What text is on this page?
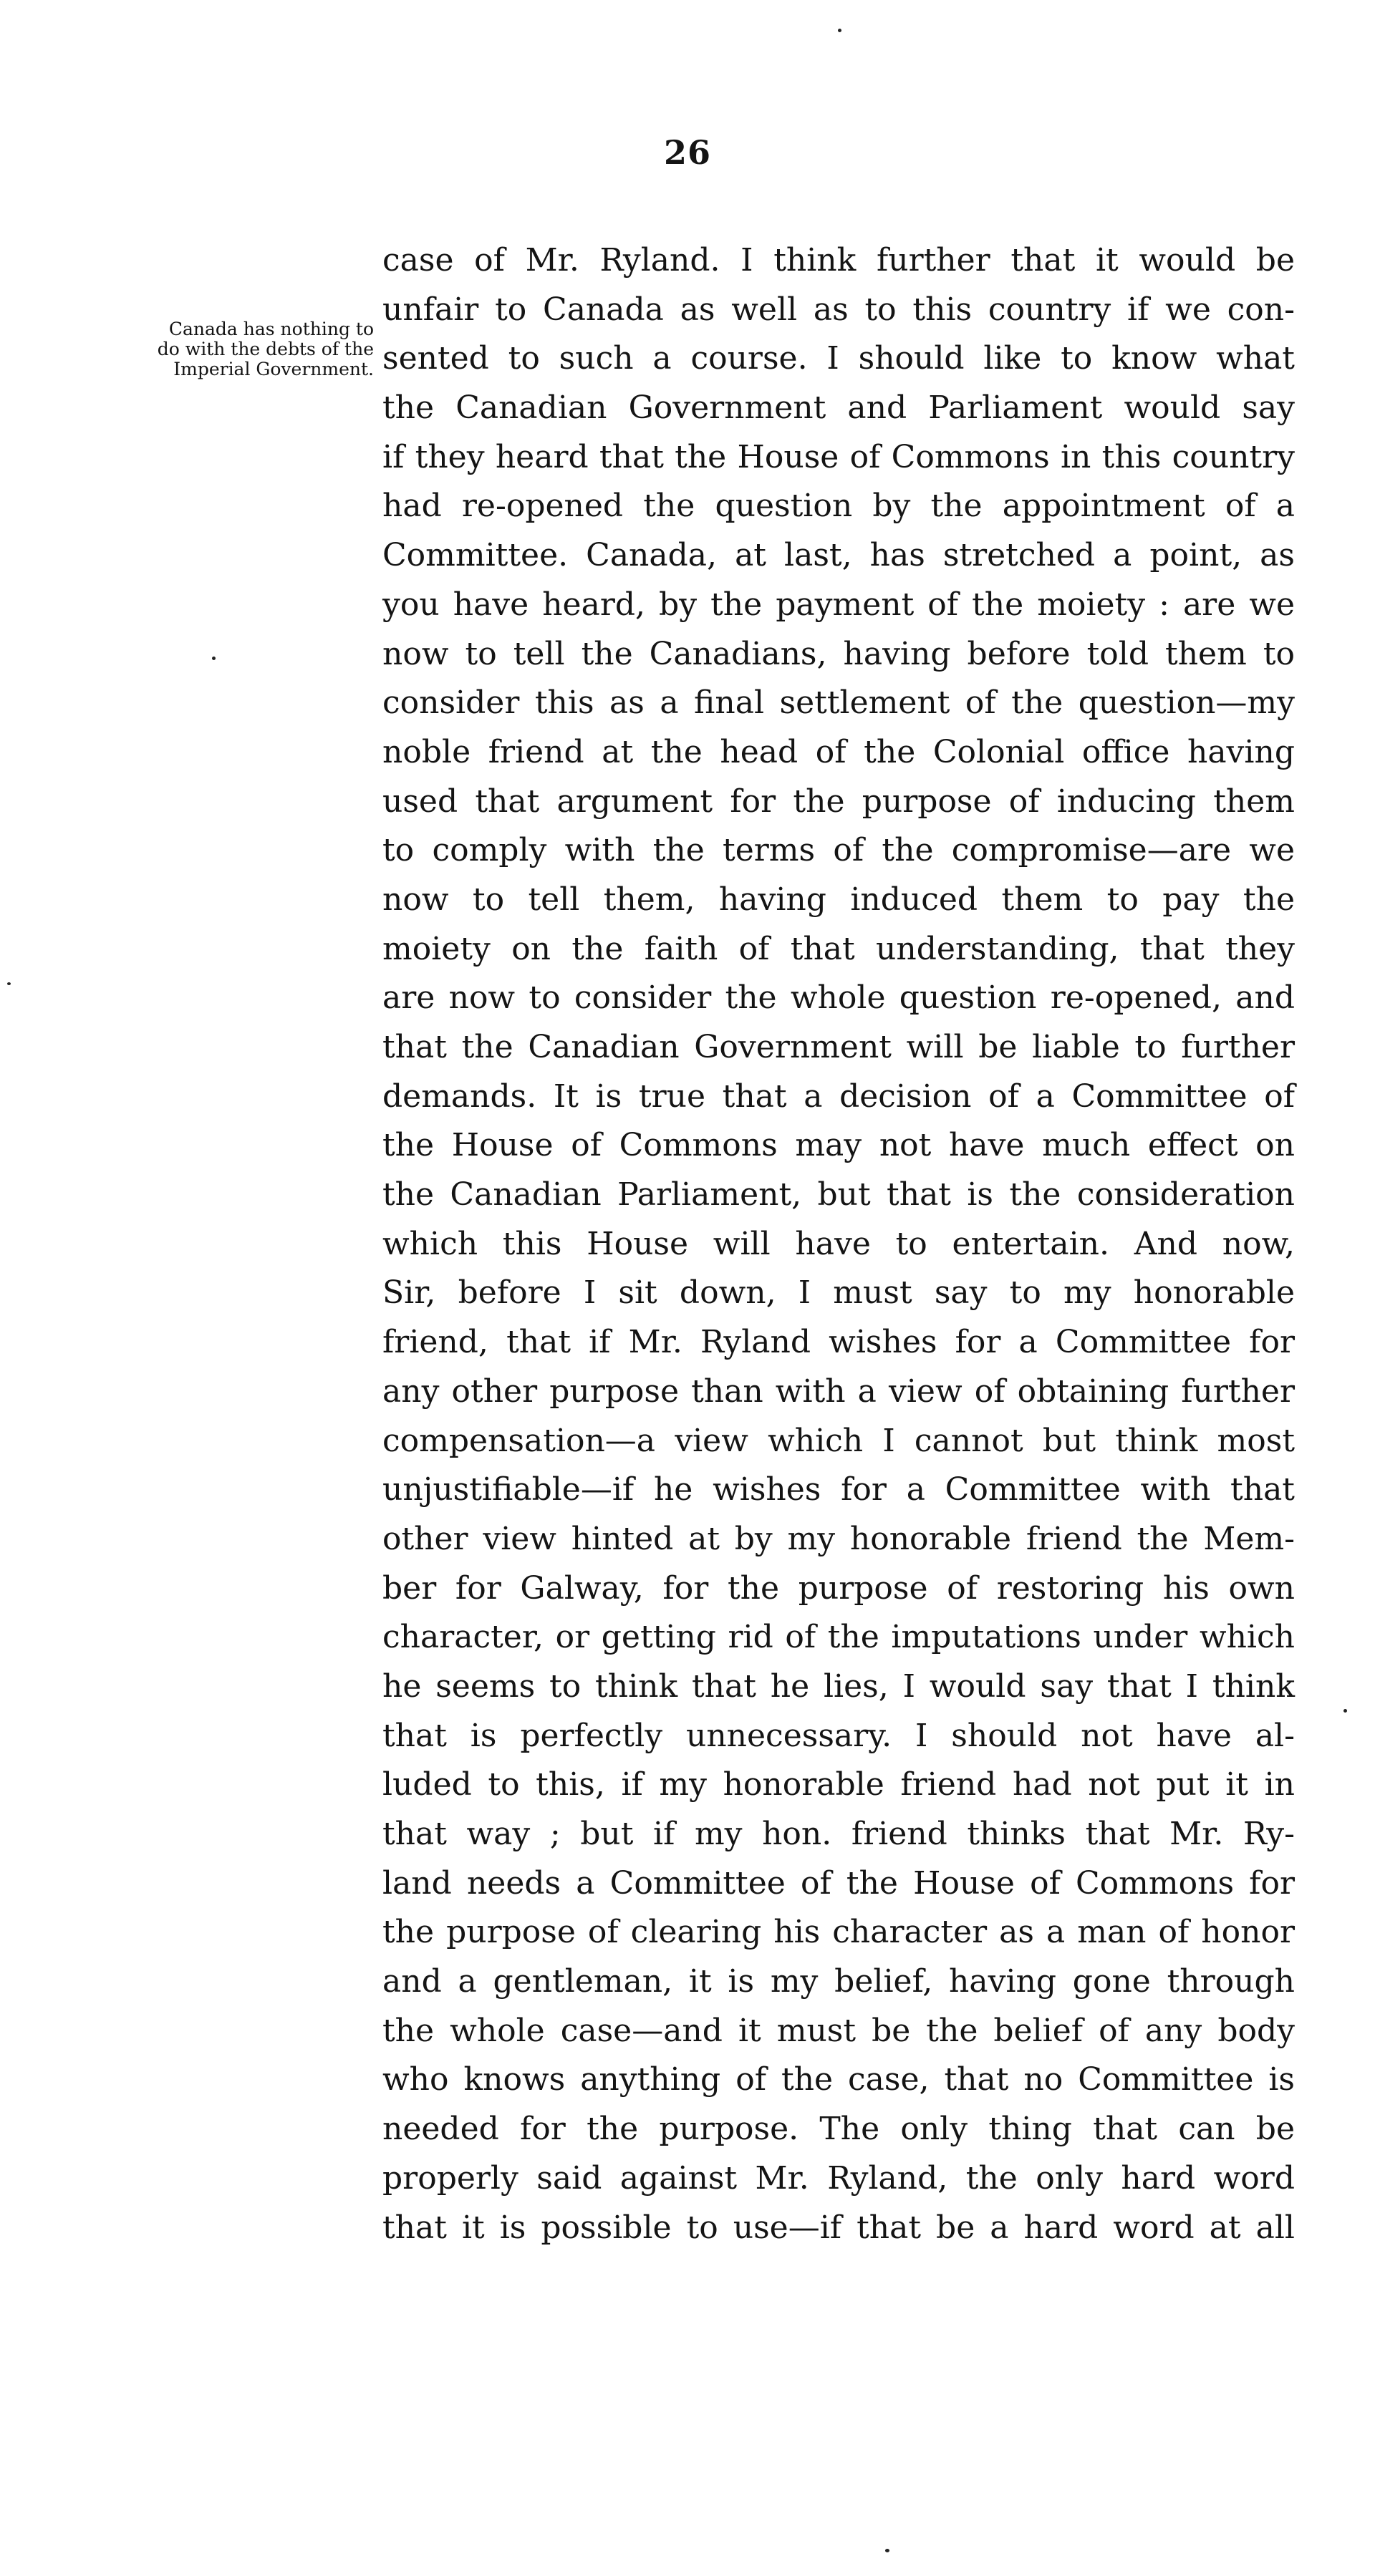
26
Canada has nothing to
do with the debts of the
Imperial Government.
case of Mr. Ryland. I think further that it would be
unfair to Canada as well as to this country if we con-
sented to such a course. I should like to know what
the Canadian Government and Parliament would say
if they heard that the House of Commons in this country
had re-opened the question by the appointment of a
Committee. Canada, at last, has stretched a point, as
you have heard, by the payment of the moiety : are we
now to tell the Canadians, having before told them to
consider this as a final settlement of the question—my
noble friend at the head of the Colonial office having
used that argument for the purpose of inducing them
to comply with the terms of the compromise—are we
now to tell them, having induced them to pay the
moiety on the faith of that understanding, that they
are now to consider the whole question re-opened, and
that the Canadian Government will be liable to further
demands. It is true that a decision of a Committee of
the House of Commons may not have much effect on
the Canadian Parliament, but that is the consideration
which this House will have to entertain. And now,
Sir, before I sit down, I must say to my honorable
friend, that if Mr. Ryland wishes for a Committee for
any other purpose than with a view of obtaining further
compensation—a view which I cannot but think most
unjustifiable—if he wishes for a Committee with that
other view hinted at by my honorable friend the Mem-
ber for Galway, for the purpose of restoring his own
character, or getting rid of the imputations under which
he seems to think that he lies, I would say that I think
that is perfectly unnecessary. I should not have al-
luded to this, if my honorable friend had not put it in
that way ; but if my hon. friend thinks that Mr. Ry-
land needs a Committee of the House of Commons for
the purpose of clearing his character as a man of honor
and a gentleman, it is my belief, having gone through
the whole case—and it must be the belief of any body
who knows anything of the case, that no Committee is
needed for the purpose. The only thing that can be
properly said against Mr. Ryland, the only hard word
that it is possible to use—if that be a hard word at all
